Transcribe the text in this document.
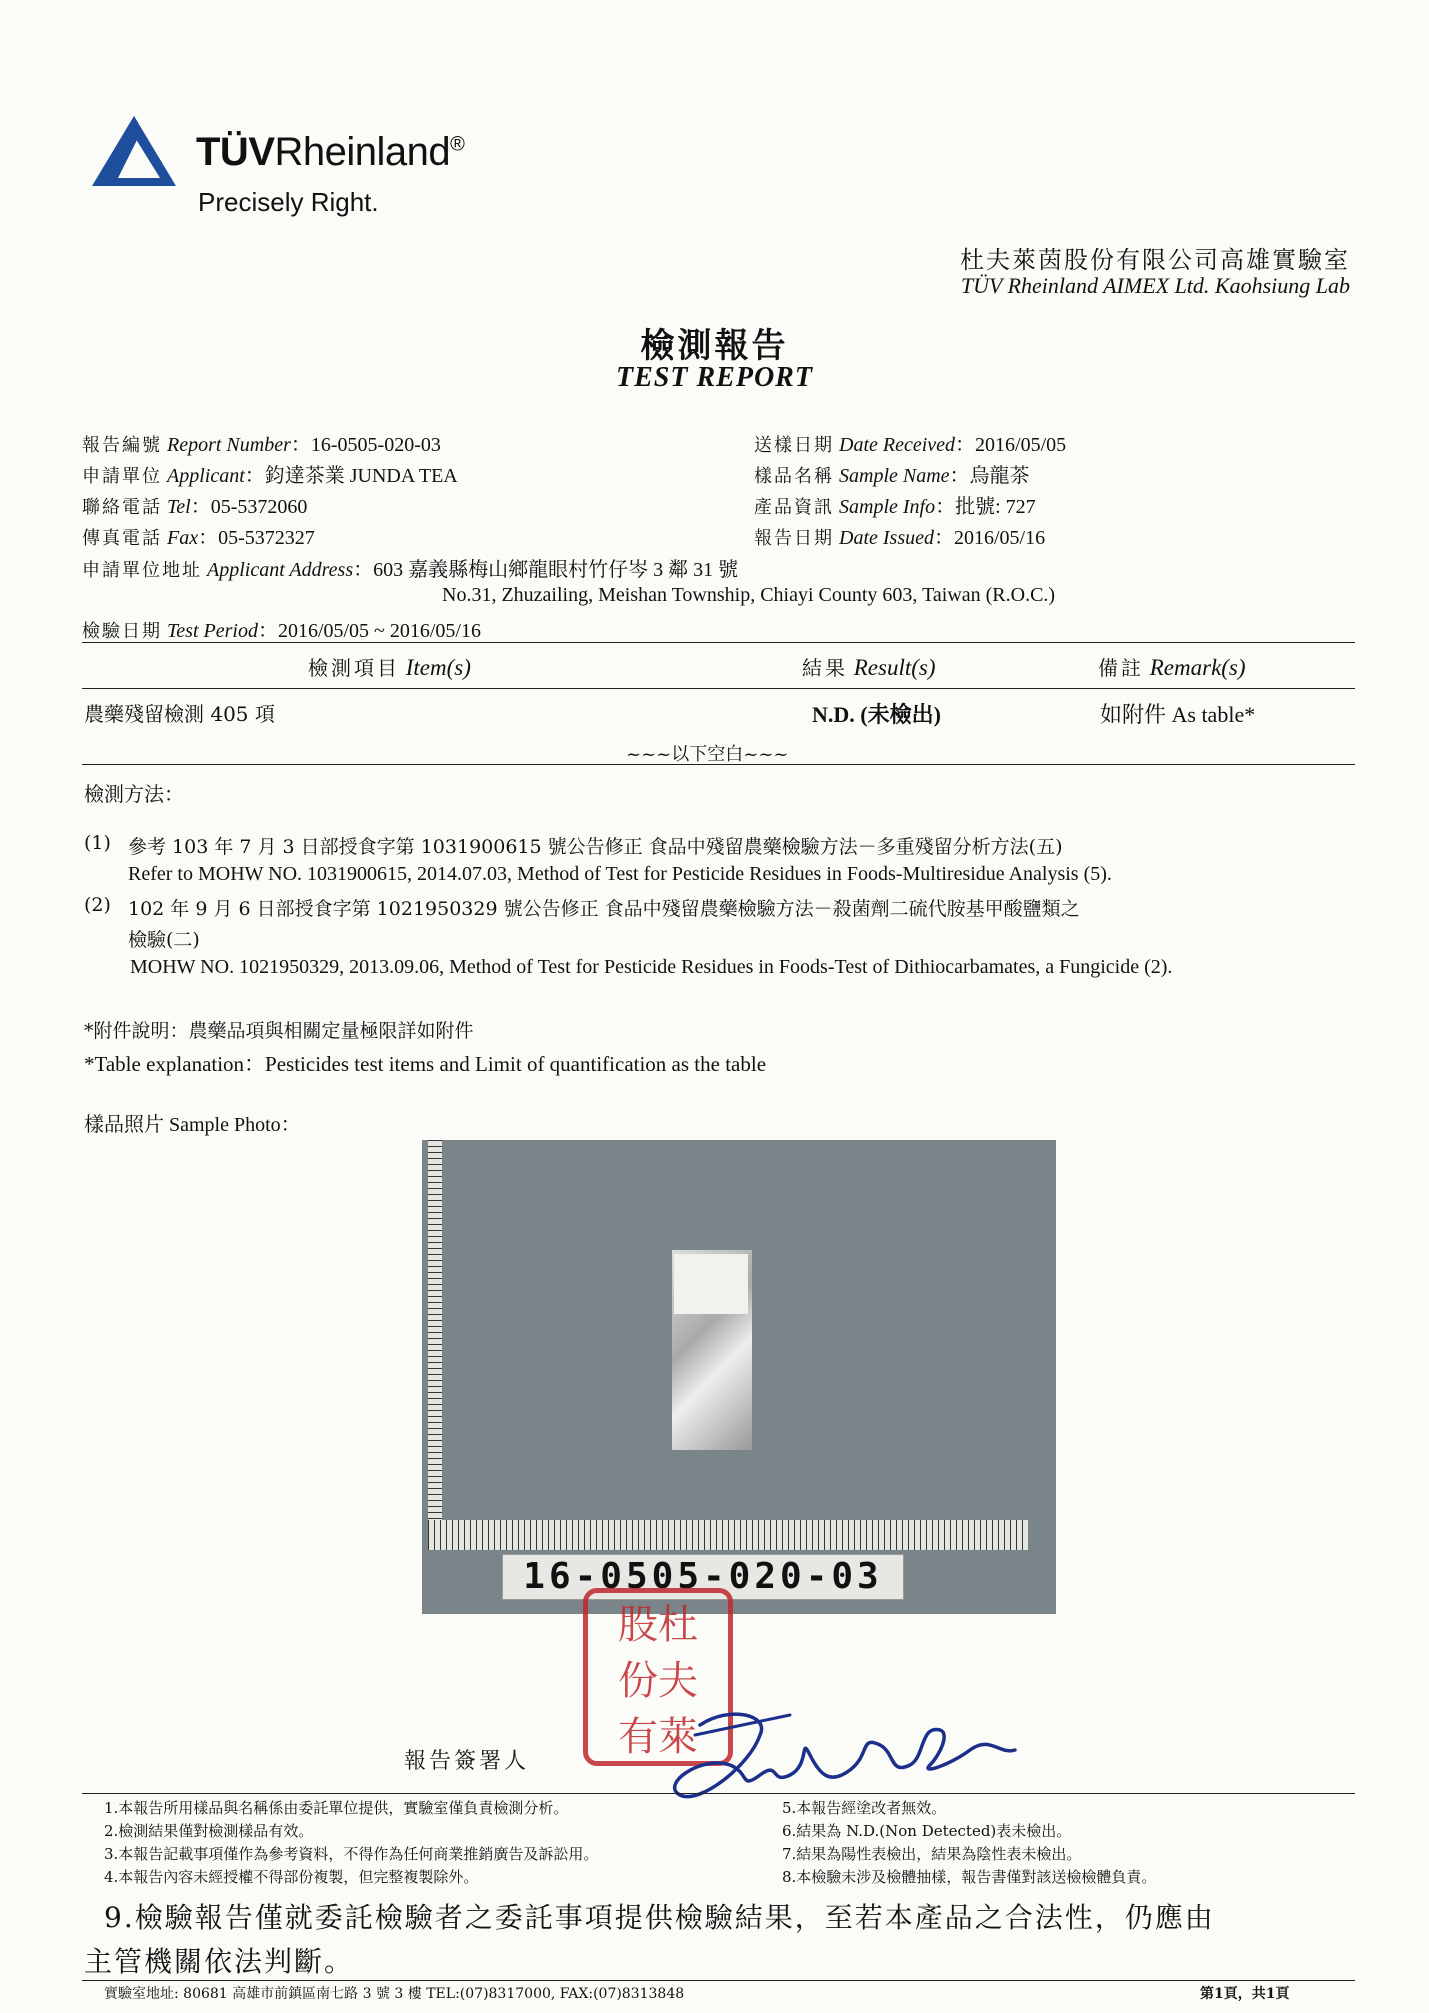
TÜVRheinland®
Precisely Right.
杜夫萊茵股份有限公司高雄實驗室
TÜV Rheinland AIMEX Ltd. Kaohsiung Lab
檢測報告
TEST REPORT
報告編號 Report Number：16-0505-020-03
申請單位 Applicant：鈞達茶業 JUNDA TEA
聯絡電話 Tel：05-5372060
傳真電話 Fax：05-5372327
申請單位地址 Applicant Address：603 嘉義縣梅山鄉龍眼村竹仔岑 3 鄰 31 號
No.31, Zhuzailing, Meishan Township, Chiayi County 603, Taiwan (R.O.C.)
檢驗日期 Test Period：2016/05/05 ~ 2016/05/16
送樣日期 Date Received：2016/05/05
樣品名稱 Sample Name：烏龍茶
產品資訊 Sample Info：批號: 727
報告日期 Date Issued：2016/05/16
檢測項目 Item(s)	結果 Result(s)	備註 Remark(s)
農藥殘留檢測 405 項	N.D. (未檢出)	如附件 As table*
~~~以下空白~~~
檢測方法：
(1) 參考 103 年 7 月 3 日部授食字第 1031900615 號公告修正 食品中殘留農藥檢驗方法－多重殘留分析方法(五)
Refer to MOHW NO. 1031900615, 2014.07.03, Method of Test for Pesticide Residues in Foods-Multiresidue Analysis (5).
(2) 102 年 9 月 6 日部授食字第 1021950329 號公告修正 食品中殘留農藥檢驗方法－殺菌劑二硫代胺基甲酸鹽類之
檢驗(二)
MOHW NO. 1021950329, 2013.09.06, Method of Test for Pesticide Residues in Foods-Test of Dithiocarbamates, a Fungicide (2).
*附件說明：農藥品項與相關定量極限詳如附件
*Table explanation：Pesticides test items and Limit of quantification as the table
樣品照片 Sample Photo：
16-0505-020-03
股杜
份夫
有萊
報告簽署人
1.本報告所用樣品與名稱係由委託單位提供，實驗室僅負責檢測分析。
2.檢測結果僅對檢測樣品有效。
3.本報告記載事項僅作為參考資料，不得作為任何商業推銷廣告及訴訟用。
4.本報告內容未經授權不得部份複製，但完整複製除外。
5.本報告經塗改者無效。
6.結果為 N.D.(Non Detected)表未檢出。
7.結果為陽性表檢出，結果為陰性表未檢出。
8.本檢驗未涉及檢體抽樣，報告書僅對該送檢檢體負責。
9.檢驗報告僅就委託檢驗者之委託事項提供檢驗結果，至若本產品之合法性，仍應由
主管機關依法判斷。
實驗室地址: 80681 高雄市前鎮區南七路 3 號 3 樓 TEL:(07)8317000, FAX:(07)8313848	第1頁，共1頁
